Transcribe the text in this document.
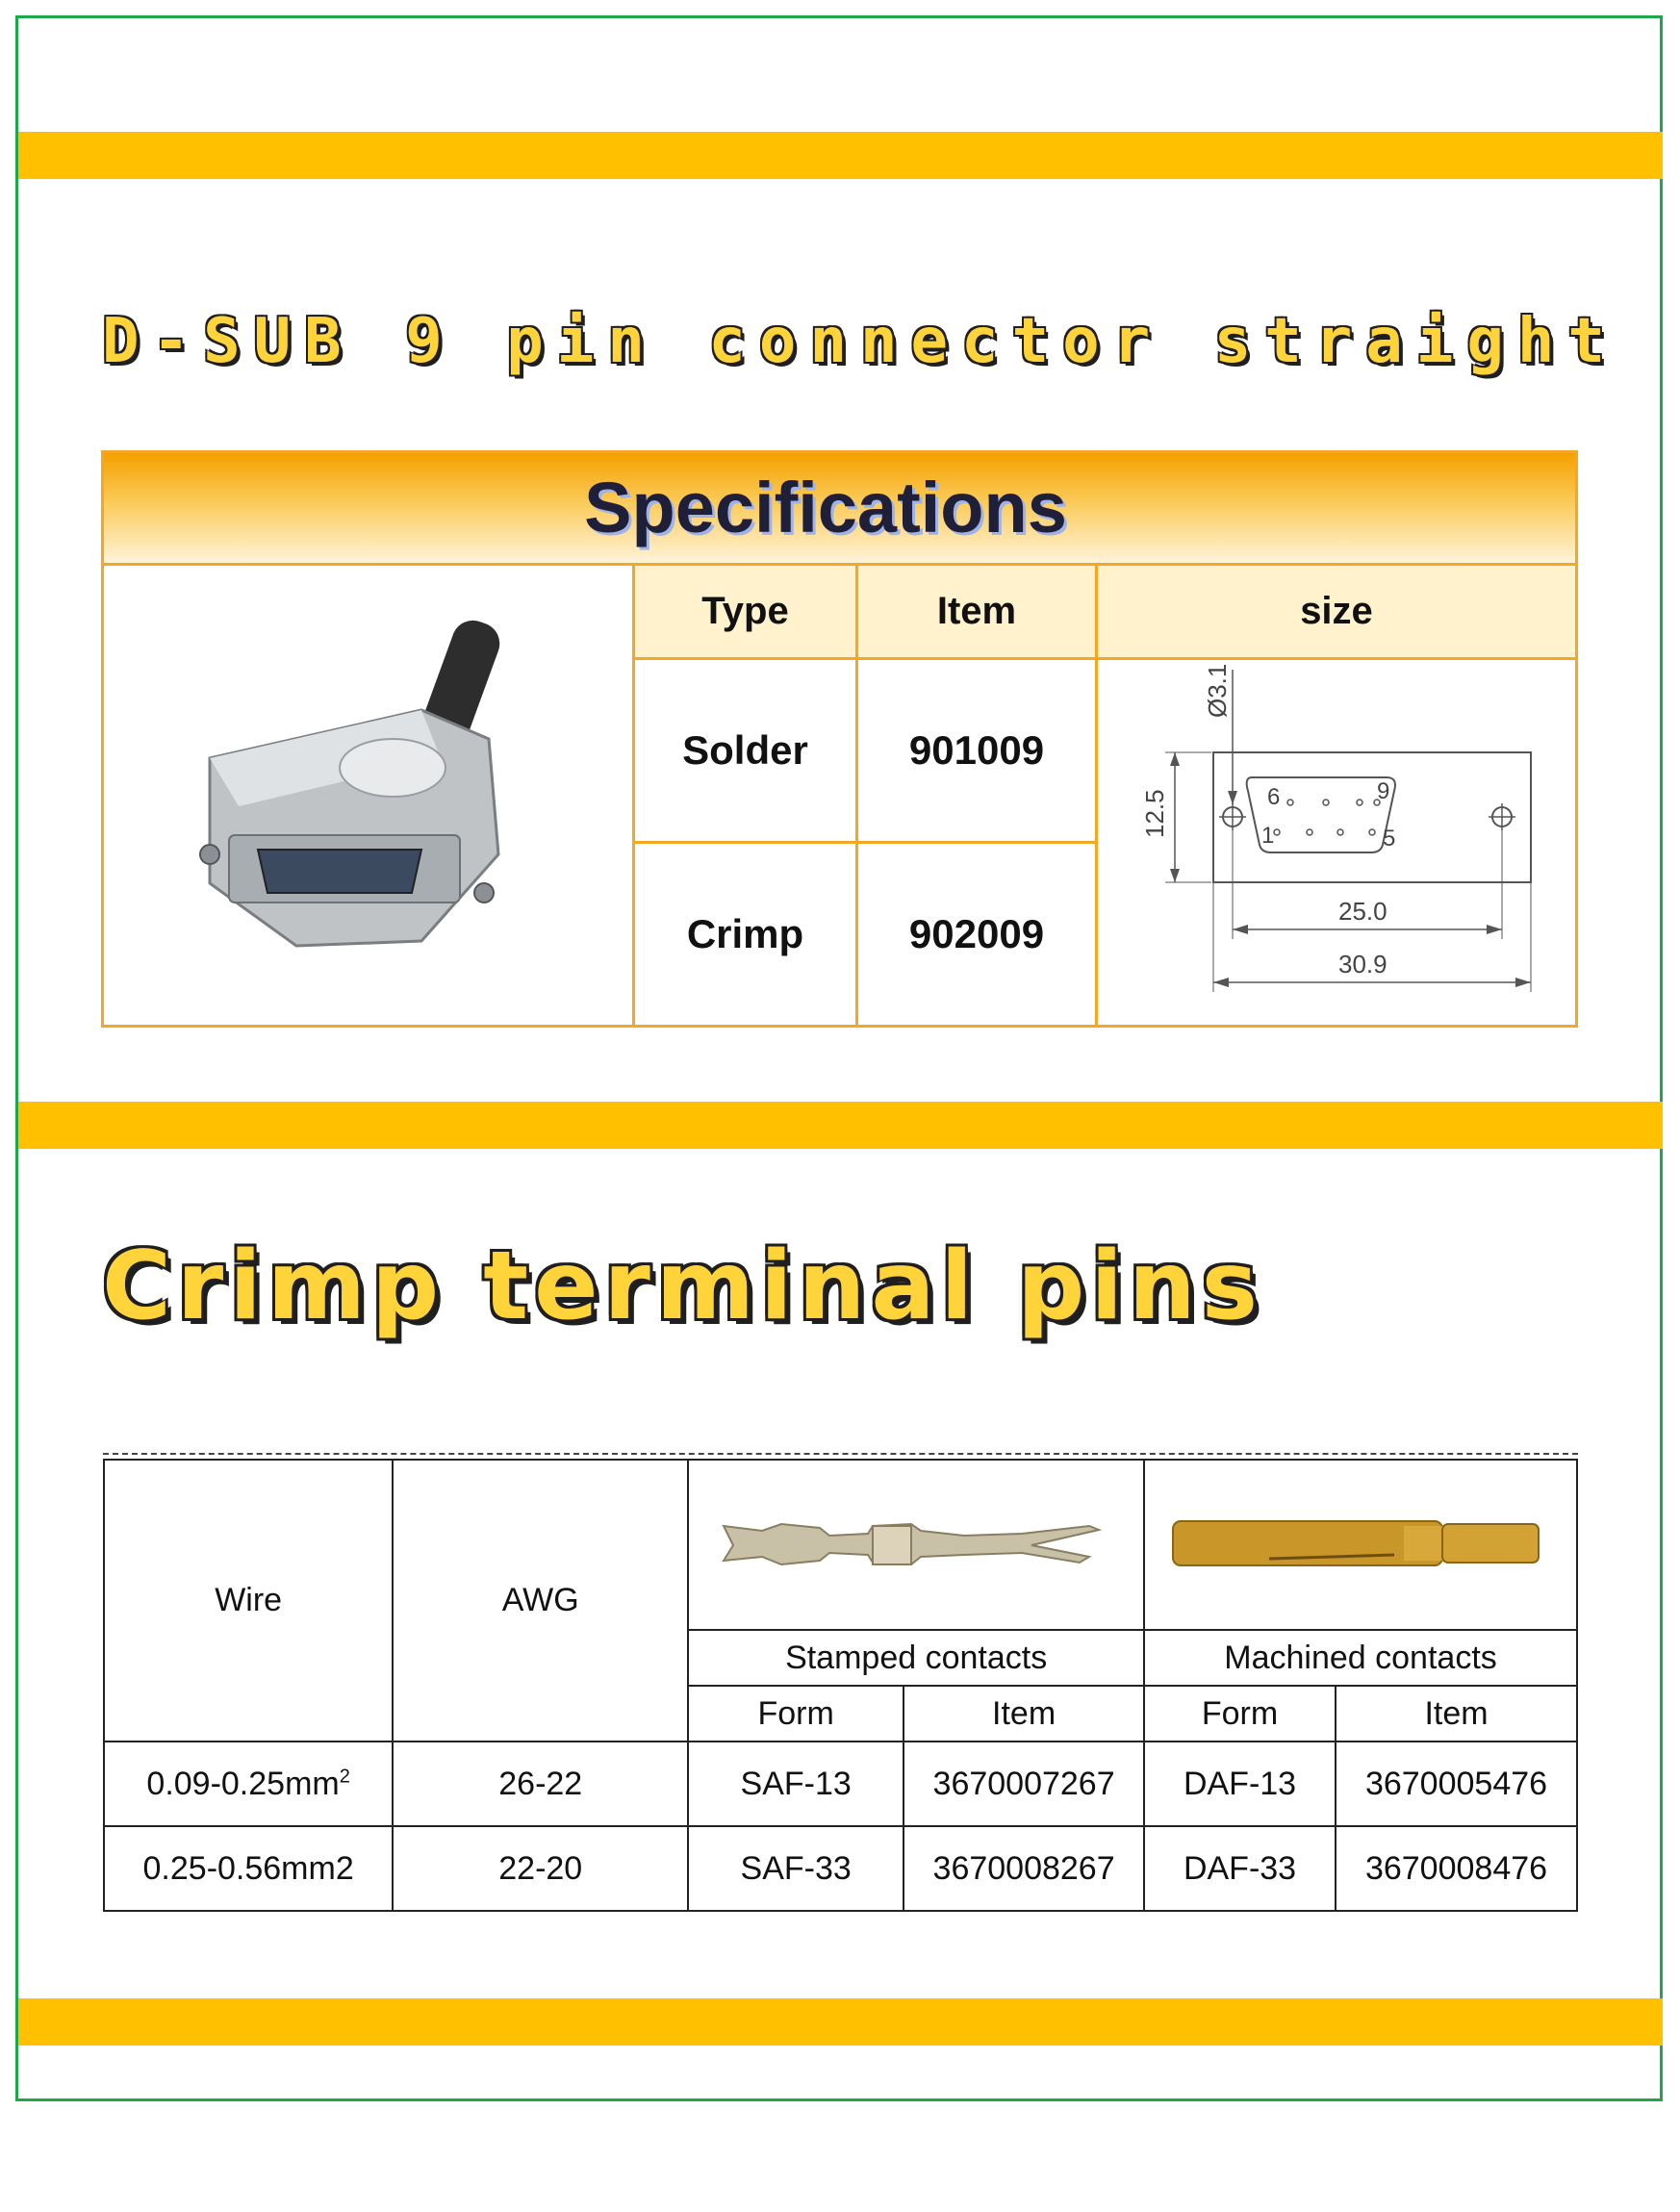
D-SUB 9 pin connector straight
Specifications
Type	Item	size
Solder	901009
Crimp	902009
6	9
1	5
Ø3.1
12.5
25.0
30.9
Crimp terminal pins
Wire	AWG		
		Stamped contacts		Machined contacts	
		Form	Item	Form	Item
$0.09-0.25mm^2$	26-22	SAF-13	3670007267	DAF-13	3670005476
0.25-0.56mm2	22-20	SAF-33	3670008267	DAF-33	3670008476
